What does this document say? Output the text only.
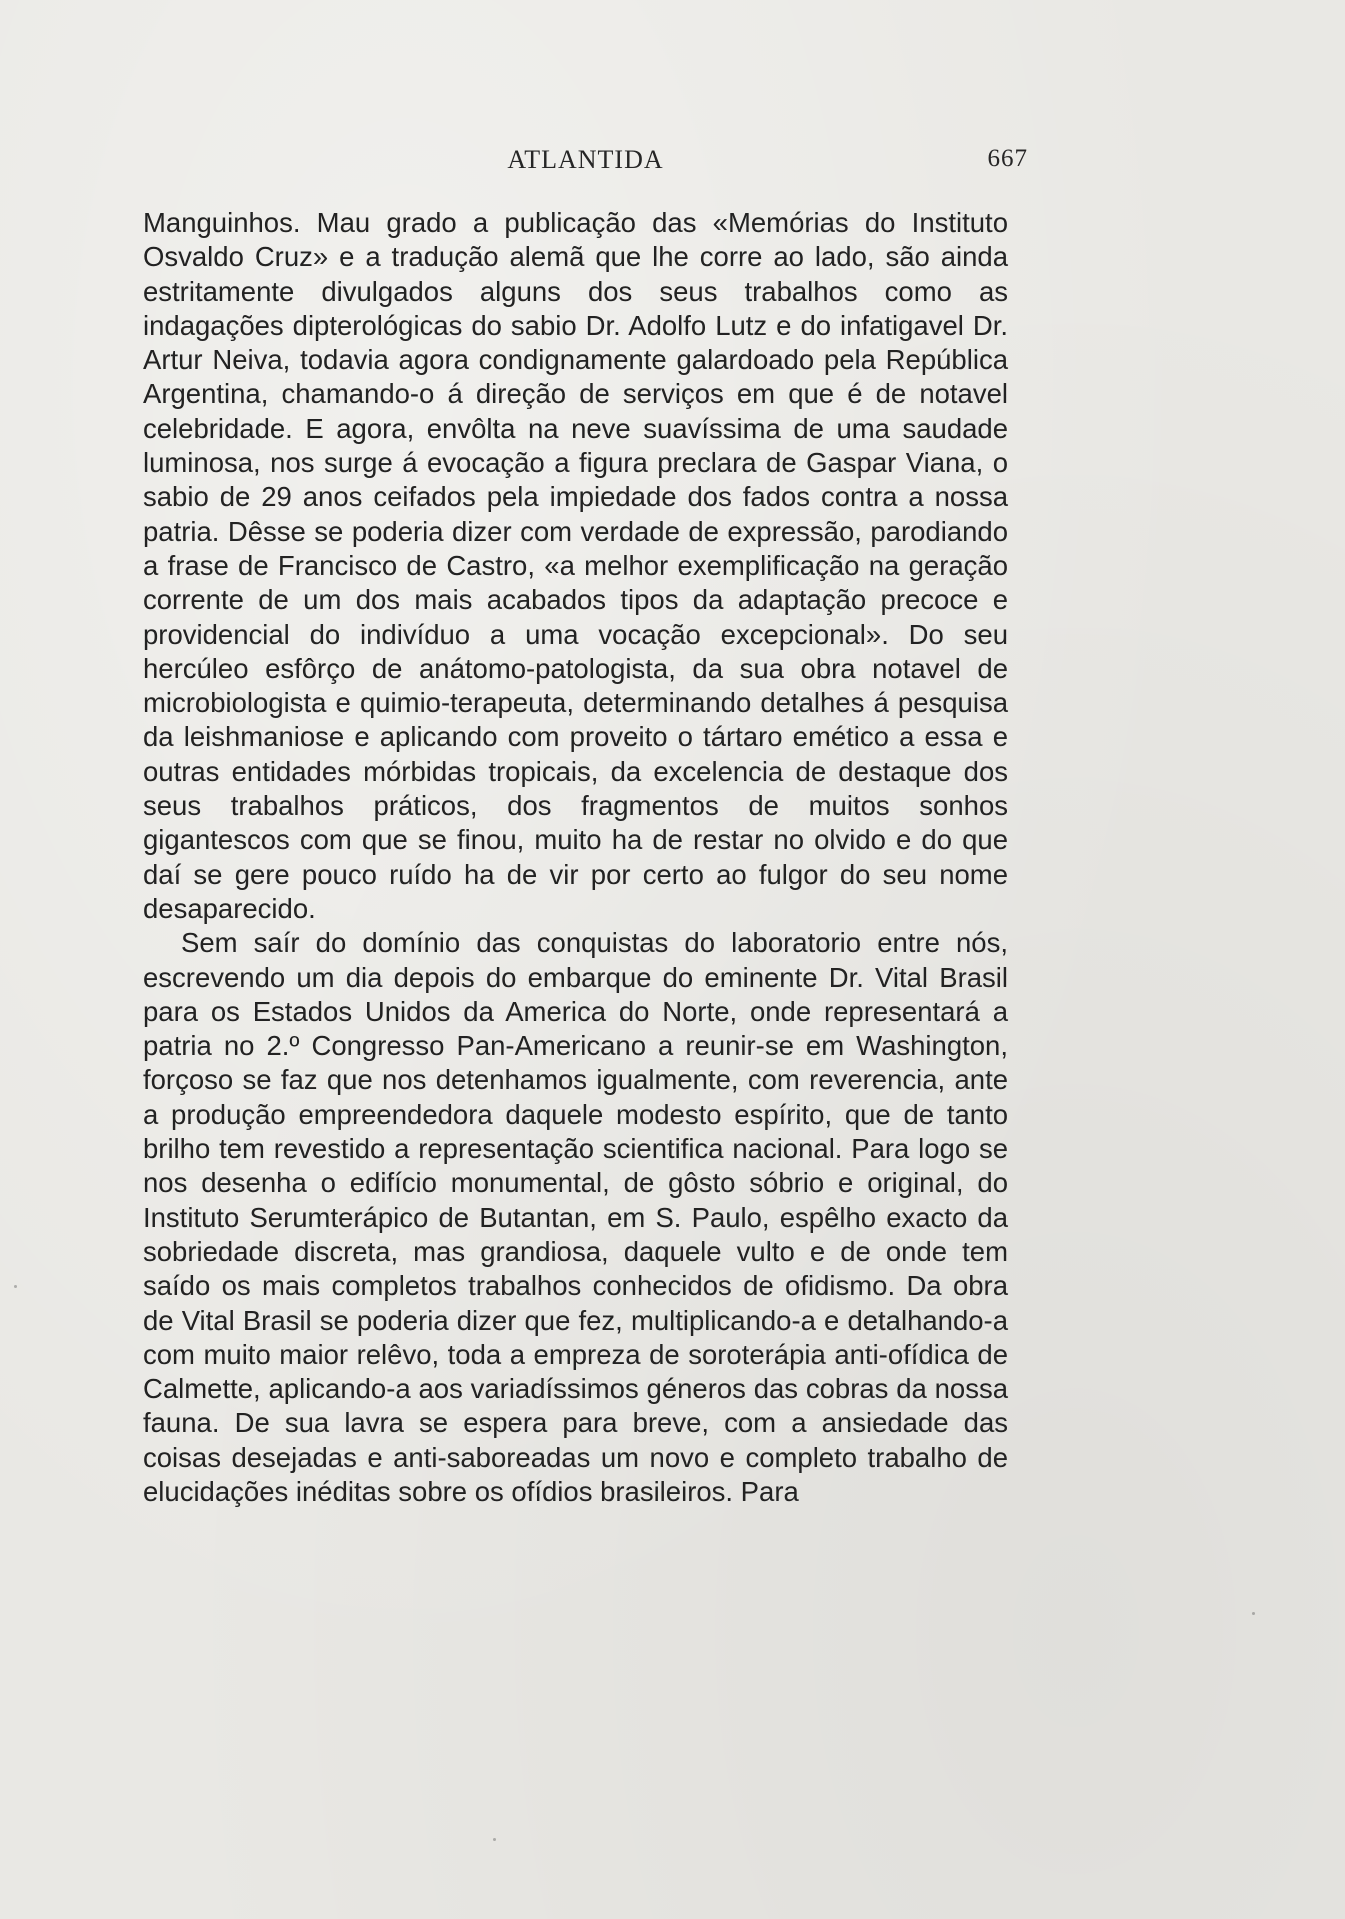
ATLANTIDA	667

Manguinhos. Mau grado a publicação das «Memórias do Instituto Osvaldo Cruz» e a tradução alemã que lhe corre ao lado, são ainda estritamente divulgados alguns dos seus trabalhos como as indagações dipterológicas do sabio Dr. Adolfo Lutz e do infatigavel Dr. Artur Neiva, todavia agora condignamente galardoado pela República Argentina, chamando-o á direção de serviços em que é de notavel celebridade. E agora, envôlta na neve suavíssima de uma saudade luminosa, nos surge á evocação a figura preclara de Gaspar Viana, o sabio de 29 anos ceifados pela impiedade dos fados contra a nossa patria. Dêsse se poderia dizer com verdade de expressão, parodiando a frase de Francisco de Castro, «a melhor exemplificação na geração corrente de um dos mais acabados tipos da adaptação precoce e providencial do indivíduo a uma vocação excepcional». Do seu hercúleo esfôrço de anátomo-patologista, da sua obra notavel de microbiologista e quimio-terapeuta, determinando detalhes á pesquisa da leishmaniose e aplicando com proveito o tártaro emético a essa e outras entidades mórbidas tropicais, da excelencia de destaque dos seus trabalhos práticos, dos fragmentos de muitos sonhos gigantescos com que se finou, muito ha de restar no olvido e do que daí se gere pouco ruído ha de vir por certo ao fulgor do seu nome desaparecido.

Sem saír do domínio das conquistas do laboratorio entre nós, escrevendo um dia depois do embarque do eminente Dr. Vital Brasil para os Estados Unidos da America do Norte, onde representará a patria no 2.º Congresso Pan-Americano a reunir-se em Washington, forçoso se faz que nos detenhamos igualmente, com reverencia, ante a produção empreendedora daquele modesto espírito, que de tanto brilho tem revestido a representação scientifica nacional. Para logo se nos desenha o edifício monumental, de gôsto sóbrio e original, do Instituto Serumterápico de Butantan, em S. Paulo, espêlho exacto da sobriedade discreta, mas grandiosa, daquele vulto e de onde tem saído os mais completos trabalhos conhecidos de ofidismo. Da obra de Vital Brasil se poderia dizer que fez, multiplicando-a e detalhando-a com muito maior relêvo, toda a empreza de soroterápia anti-ofídica de Calmette, aplicando-a aos variadíssimos géneros das cobras da nossa fauna. De sua lavra se espera para breve, com a ansiedade das coisas desejadas e anti-saboreadas um novo e completo trabalho de elucidações inéditas sobre os ofídios brasileiros. Para
